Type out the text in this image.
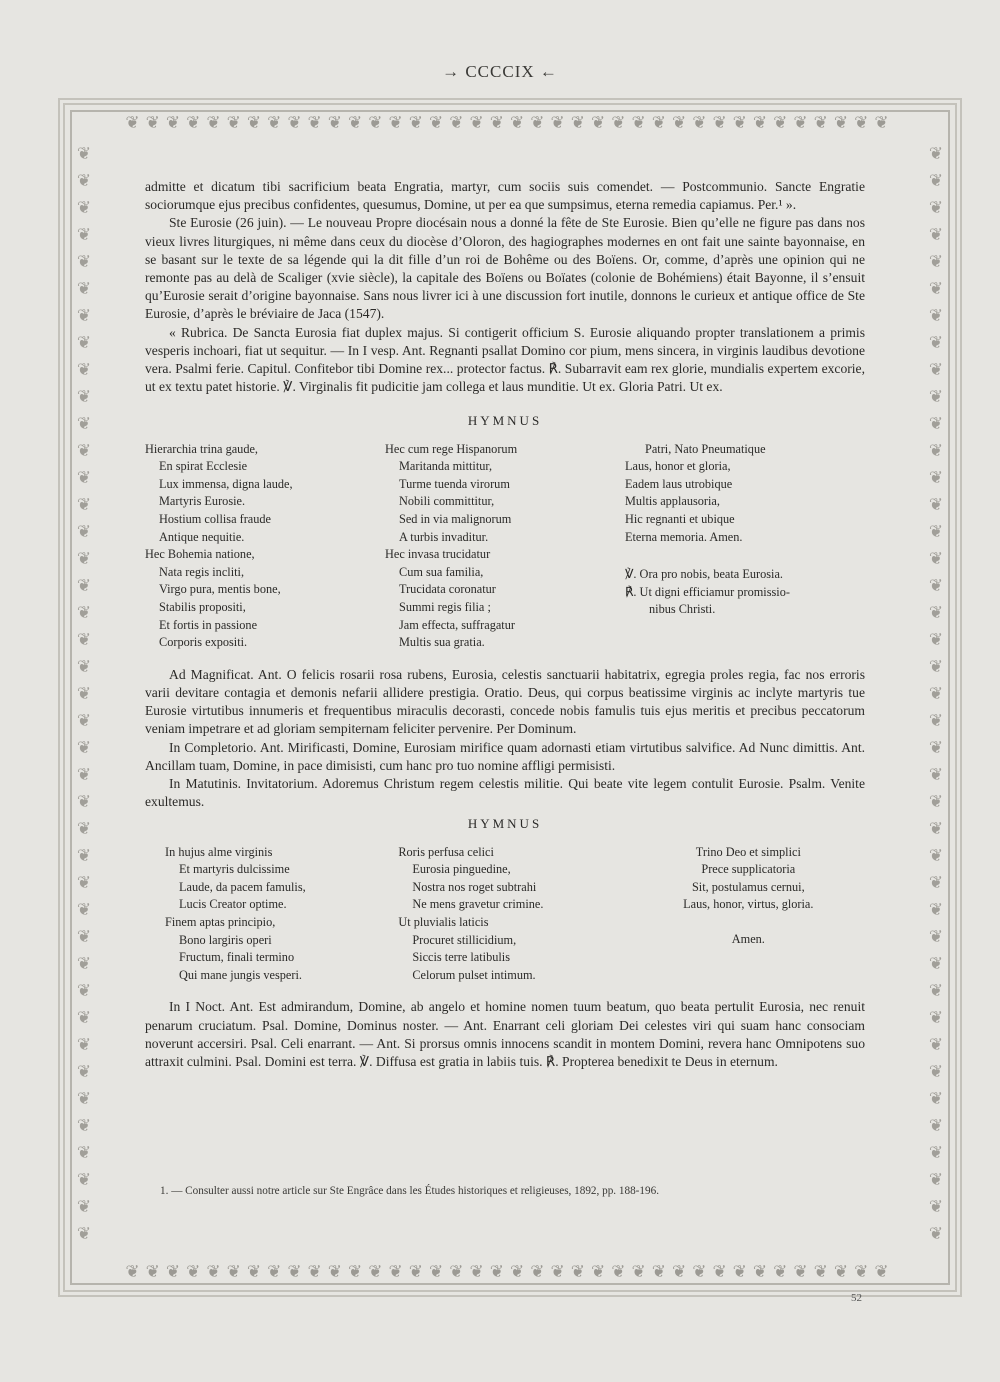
→ CCCCIX ←
❦❦❦❦❦❦❦❦❦❦❦❦❦❦❦❦❦❦❦❦❦❦❦❦❦❦❦❦❦❦❦❦❦❦❦❦❦❦
❦❦❦❦❦❦❦❦❦❦❦❦❦❦❦❦❦❦❦❦❦❦❦❦❦❦❦❦❦❦❦❦❦❦❦❦❦❦
❦❦❦❦❦❦❦❦❦❦❦❦❦❦❦❦❦❦❦❦❦❦❦❦❦❦❦❦❦❦❦❦❦❦❦❦❦❦❦❦❦
❦❦❦❦❦❦❦❦❦❦❦❦❦❦❦❦❦❦❦❦❦❦❦❦❦❦❦❦❦❦❦❦❦❦❦❦❦❦❦❦❦

admitte et dicatum tibi sacrificium beata Engratia, martyr, cum sociis suis comendet. — Postcommunio. Sancte Engratie sociorumque ejus precibus confidentes, quesumus, Domine, ut per ea que sumpsimus, eterna remedia capiamus. Per.¹ ».

Ste Eurosie (26 juin). — Le nouveau Propre diocésain nous a donné la fête de Ste Eurosie. Bien qu’elle ne figure pas dans nos vieux livres liturgiques, ni même dans ceux du diocèse d’Oloron, des hagiographes modernes en ont fait une sainte bayonnaise, en se basant sur le texte de sa légende qui la dit fille d’un roi de Bohême ou des Boïens. Or, comme, d’après une opinion qui ne remonte pas au delà de Scaliger (xvie siècle), la capitale des Boïens ou Boïates (colonie de Bohémiens) était Bayonne, il s’ensuit qu’Eurosie serait d’origine bayonnaise. Sans nous livrer ici à une discussion fort inutile, donnons le curieux et antique office de Ste Eurosie, d’après le bréviaire de Jaca (1547).

« Rubrica. De Sancta Eurosia fiat duplex majus. Si contigerit officium S. Eurosie aliquando propter translationem a primis vesperis inchoari, fiat ut sequitur. — In I vesp. Ant. Regnanti psallat Domino cor pium, mens sincera, in virginis laudibus devotione vera. Psalmi ferie. Capitul. Confitebor tibi Domine rex... protector factus. ℟. Subarravit eam rex glorie, mundialis expertem excorie, ut ex textu patet historie. ℣. Virginalis fit pudicitie jam collega et laus munditie. Ut ex. Gloria Patri. Ut ex.

HYMNUS
Hierarchia trina gaude,
En spirat Ecclesie
Lux immensa, digna laude,
Martyris Eurosie.
Hostium collisa fraude
Antique nequitie.
Hec Bohemia natione,
Nata regis incliti,
Virgo pura, mentis bone,
Stabilis propositi,
Et fortis in passione
Corporis expositi.
Hec cum rege Hispanorum
Maritanda mittitur,
Turme tuenda virorum
Nobili committitur,
Sed in via malignorum
A turbis invaditur.
Hec invasa trucidatur
Cum sua familia,
Trucidata coronatur
Summi regis filia ;
Jam effecta, suffragatur
Multis sua gratia.
Patri, Nato Pneumatique
Laus, honor et gloria,
Eadem laus utrobique
Multis applausoria,
Hic regnanti et ubique
Eterna memoria. Amen.
℣. Ora pro nobis, beata Eurosia.
℟. Ut digni efficiamur promissio-
nibus Christi.

Ad Magnificat. Ant. O felicis rosarii rosa rubens, Eurosia, celestis sanctuarii habitatrix, egregia proles regia, fac nos erroris varii devitare contagia et demonis nefarii allidere prestigia. Oratio. Deus, qui corpus beatissime virginis ac inclyte martyris tue Eurosie virtutibus innumeris et frequentibus miraculis decorasti, concede nobis famulis tuis ejus meritis et precibus peccatorum veniam impetrare et ad gloriam sempiternam feliciter pervenire. Per Dominum.

In Completorio. Ant. Mirificasti, Domine, Eurosiam mirifice quam adornasti etiam virtutibus salvifice. Ad Nunc dimittis. Ant. Ancillam tuam, Domine, in pace dimisisti, cum hanc pro tuo nomine affligi permisisti.

In Matutinis. Invitatorium. Adoremus Christum regem celestis militie. Qui beate vite legem contulit Eurosie. Psalm. Venite exultemus.

HYMNUS
In hujus alme virginis
Et martyris dulcissime
Laude, da pacem famulis,
Lucis Creator optime.
Finem aptas principio,
Bono largiris operi
Fructum, finali termino
Qui mane jungis vesperi.
Roris perfusa celici
Eurosia pinguedine,
Nostra nos roget subtrahi
Ne mens gravetur crimine.
Ut pluvialis laticis
Procuret stillicidium,
Siccis terre latibulis
Celorum pulset intimum.
Trino Deo et simplici
Prece supplicatoria
Sit, postulamus cernui,
Laus, honor, virtus, gloria.
Amen.

In I Noct. Ant. Est admirandum, Domine, ab angelo et homine nomen tuum beatum, quo beata pertulit Eurosia, nec renuit penarum cruciatum. Psal. Domine, Dominus noster. — Ant. Enarrant celi gloriam Dei celestes viri qui suam hanc consociam noverunt accersiri. Psal. Celi enarrant. — Ant. Si prorsus omnis innocens scandit in montem Domini, revera hanc Omnipotens suo attraxit culmini. Psal. Domini est terra. ℣. Diffusa est gratia in labiis tuis. ℟. Propterea benedixit te Deus in eternum.

1. — Consulter aussi notre article sur Ste Engrâce dans les Études historiques et religieuses, 1892, pp. 188-196.
52
